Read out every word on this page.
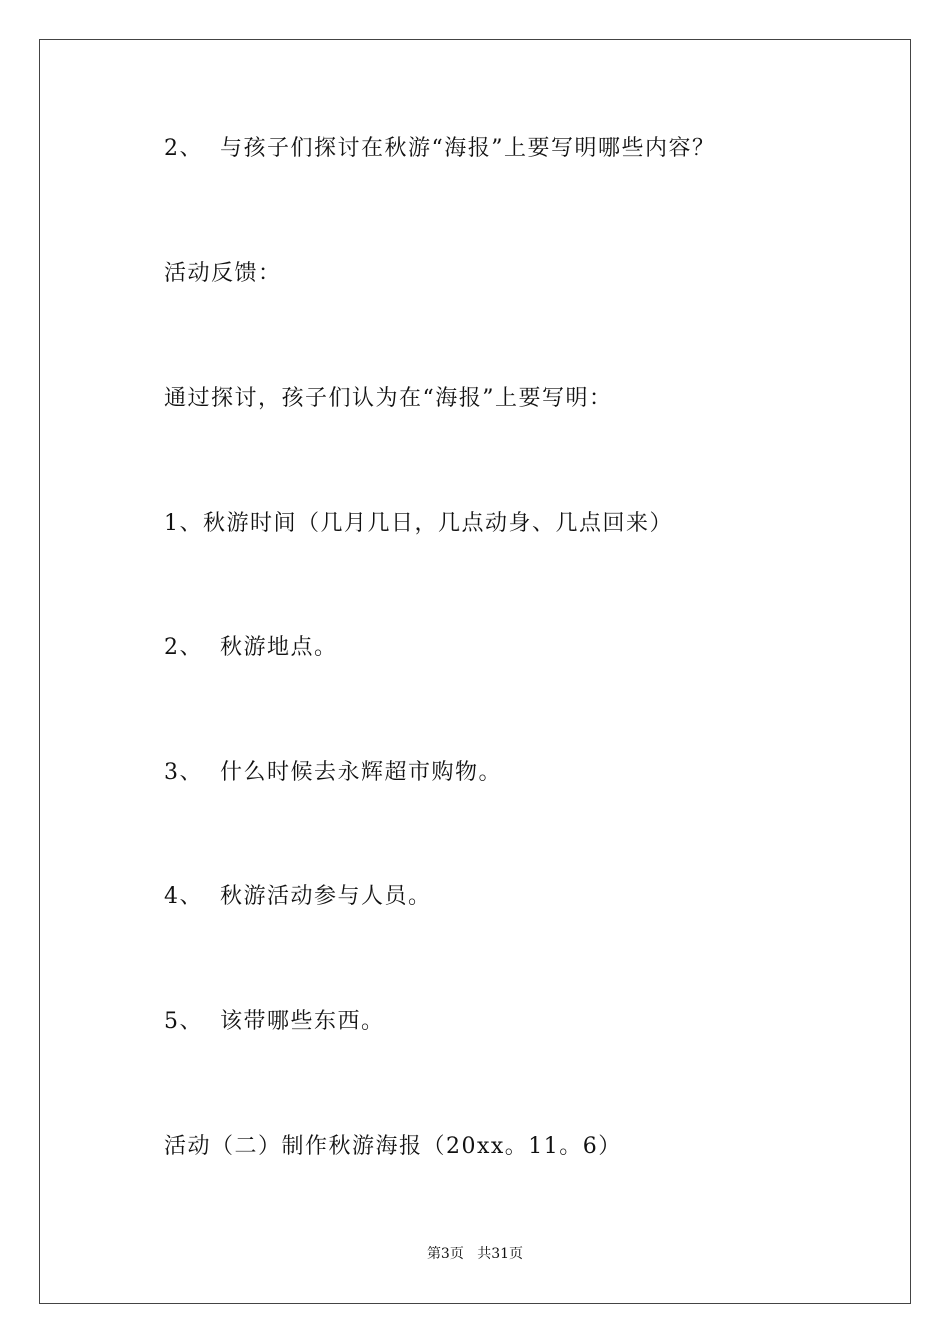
2、  与孩子们探讨在秋游“海报”上要写明哪些内容？
活动反馈：
通过探讨，孩子们认为在“海报”上要写明：
1、秋游时间（几月几日，几点动身、几点回来）
2、  秋游地点。
3、  什么时候去永辉超市购物。
4、  秋游活动参与人员。
5、  该带哪些东西。
活动（二）制作秋游海报（20xx。11。6）
第3页 共31页
